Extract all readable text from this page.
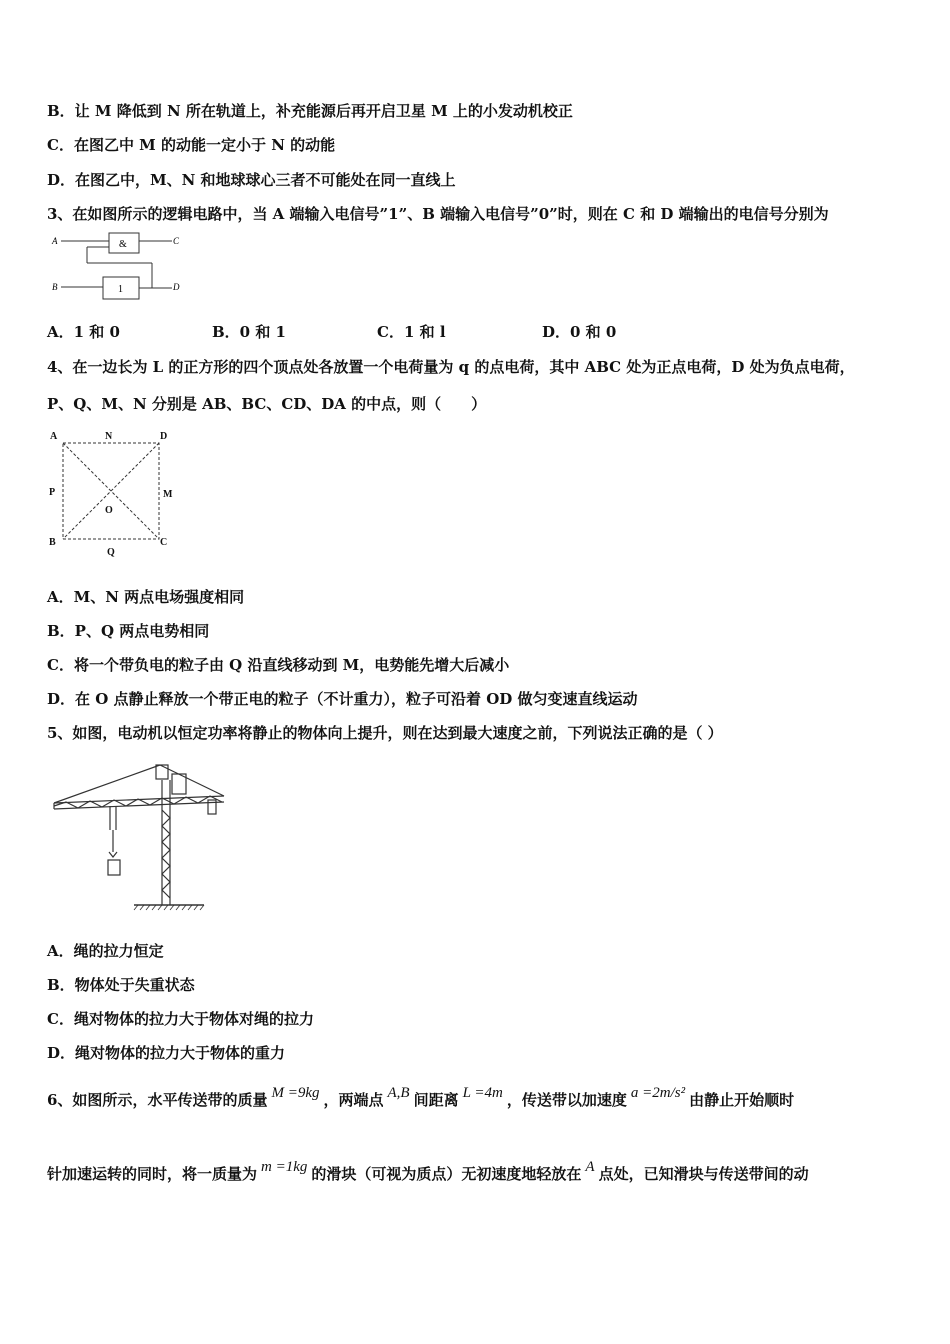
B．让 M 降低到 N 所在轨道上，补充能源后再开启卫星 M 上的小发动机校正
C．在图乙中 M 的动能一定小于 N 的动能
D．在图乙中，M、N 和地球球心三者不可能处在同一直线上
3、在如图所示的逻辑电路中，当 A 端输入电信号”1”、B 端输入电信号”0”时，则在 C 和 D 端输出的电信号分别为
A	&	C
B	1	D
A．1 和 0	B．0 和 1	C．1 和 l	D．0 和 0
4、在一边长为 L 的正方形的四个顶点处各放置一个电荷量为 q 的点电荷，其中 ABC 处为正点电荷，D 处为负点电荷，
P、Q、M、N 分别是 AB、BC、CD、DA 的中点，则（　　）
A	N	D
P	M
O
B	C
Q
A．M、N 两点电场强度相同
B．P、Q 两点电势相同
C．将一个带负电的粒子由 Q 沿直线移动到 M，电势能先增大后减小
D．在 O 点静止释放一个带正电的粒子（不计重力），粒子可沿着 OD 做匀变速直线运动
5、如图，电动机以恒定功率将静止的物体向上提升，则在达到最大速度之前，下列说法正确的是（ ）
A．绳的拉力恒定
B．物体处于失重状态
C．绳对物体的拉力大于物体对绳的拉力
D．绳对物体的拉力大于物体的重力
6、如图所示，水平传送带的质量 M =9kg ，两端点 A,B 间距离 L =4m ，传送带以加速度 a =2m/s² 由静止开始顺时
针加速运转的同时，将一质量为 m =1kg 的滑块（可视为质点）无初速度地轻放在 A 点处，已知滑块与传送带间的动
